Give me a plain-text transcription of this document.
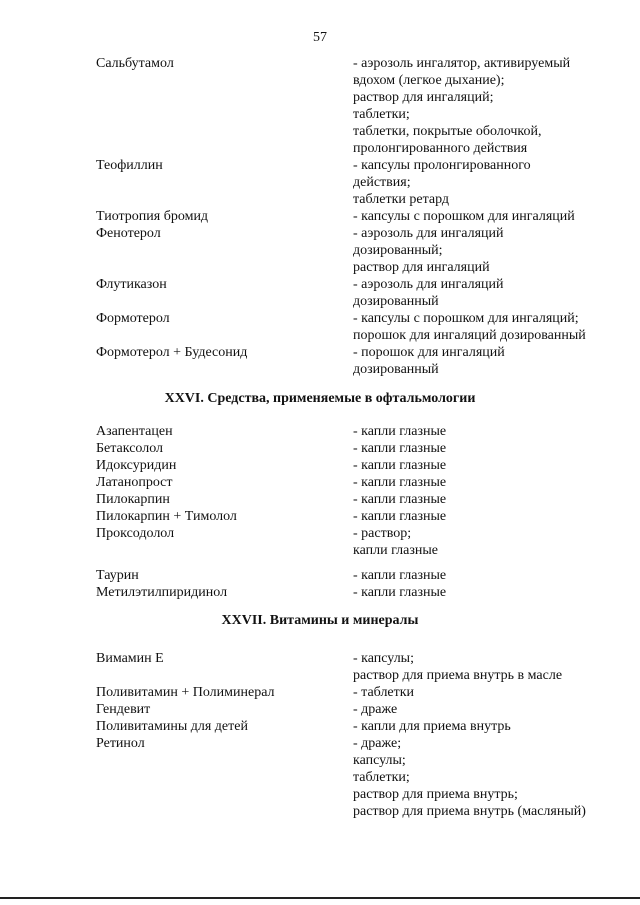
57
Сальбутамол	- аэрозоль ингалятор, активируемый
вдохом (легкое дыхание);
раствор для ингаляций;
таблетки;
таблетки, покрытые оболочкой,
пролонгированного действия
Теофиллин	- капсулы пролонгированного
действия;
таблетки ретард
Тиотропия бромид	- капсулы с порошком для ингаляций
Фенотерол	- аэрозоль для ингаляций
дозированный;
раствор для ингаляций
Флутиказон	- аэрозоль для ингаляций
дозированный
Формотерол	- капсулы с порошком для ингаляций;
порошок для ингаляций дозированный
Формотерол + Будесонид	- порошок для ингаляций
дозированный
XXVI. Средства, применяемые в офтальмологии
Азапентацен	- капли глазные
Бетаксолол	- капли глазные
Идоксуридин	- капли глазные
Латанопрост	- капли глазные
Пилокарпин	- капли глазные
Пилокарпин + Тимолол	- капли глазные
Проксодолол	- раствор;
капли глазные
Таурин	- капли глазные
Метилэтилпиридинол	- капли глазные
XXVII. Витамины и минералы
Вимамин Е	- капсулы;
раствор для приема внутрь в масле
Поливитамин + Полиминерал	- таблетки
Гендевит	- драже
Поливитамины для детей	- капли для приема внутрь
Ретинол	- драже;
капсулы;
таблетки;
раствор для приема внутрь;
раствор для приема внутрь (масляный)
